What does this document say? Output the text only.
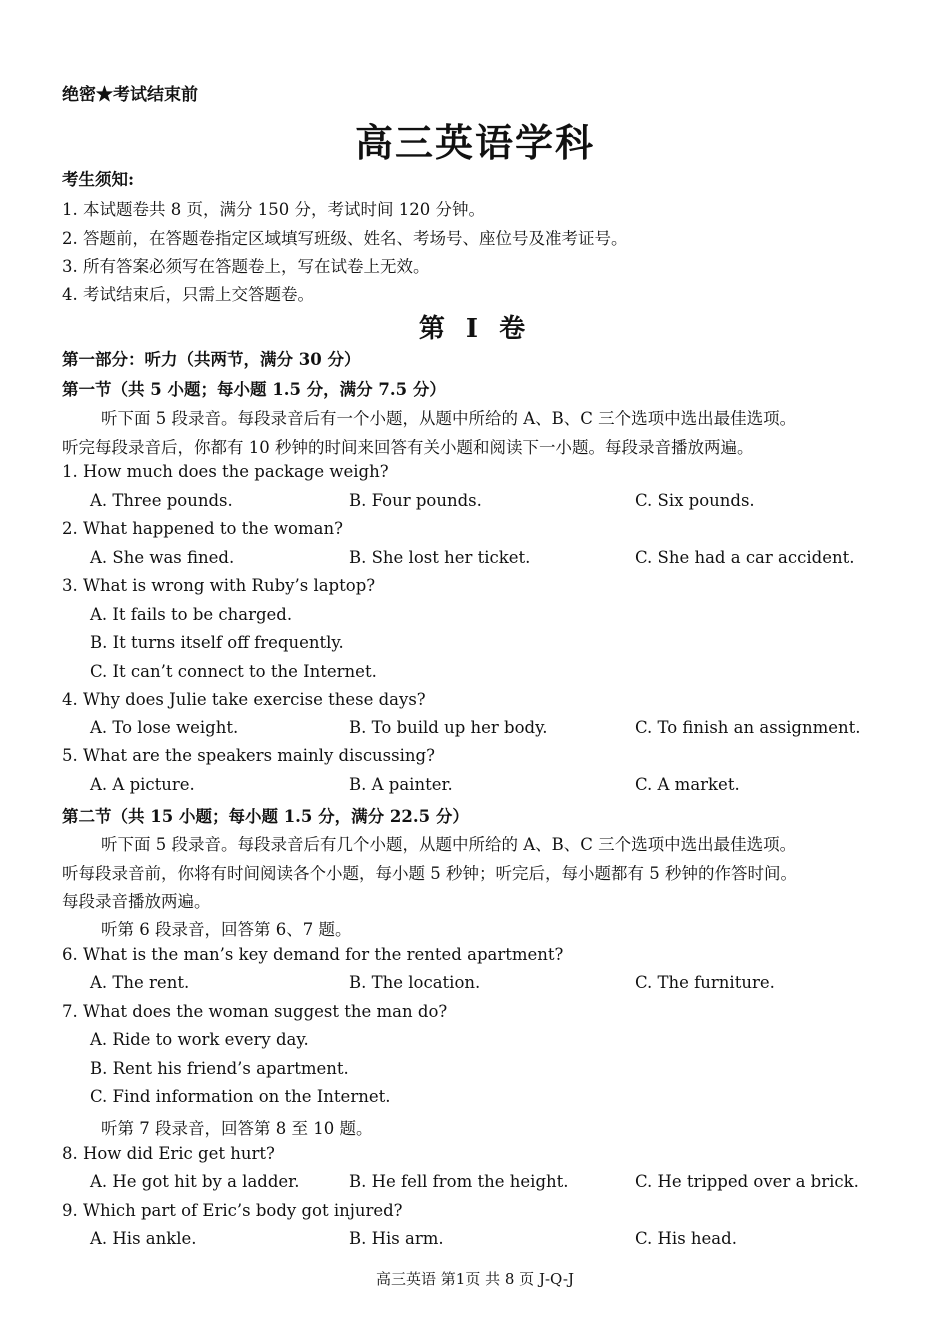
绝密★考试结束前
高三英语学科
考生须知:
1. 本试题卷共 8 页，满分 150 分，考试时间 120 分钟。
2. 答题前，在答题卷指定区域填写班级、姓名、考场号、座位号及准考证号。
3. 所有答案必须写在答题卷上，写在试卷上无效。
4. 考试结束后，只需上交答题卷。
第 I 卷
第一部分：听力（共两节，满分 30 分）
第一节（共 5 小题；每小题 1.5 分，满分 7.5 分）
听下面 5 段录音。每段录音后有一个小题，从题中所给的 A、B、C 三个选项中选出最佳选项。
听完每段录音后，你都有 10 秒钟的时间来回答有关小题和阅读下一小题。每段录音播放两遍。
1. How much does the package weigh?
A. Three pounds.	B. Four pounds.	C. Six pounds.
2. What happened to the woman?
A. She was fined.	B. She lost her ticket.	C. She had a car accident.
3. What is wrong with Ruby’s laptop?
A. It fails to be charged.
B. It turns itself off frequently.
C. It can’t connect to the Internet.
4. Why does Julie take exercise these days?
A. To lose weight.	B. To build up her body.	C. To finish an assignment.
5. What are the speakers mainly discussing?
A. A picture.	B. A painter.	C. A market.
第二节（共 15 小题；每小题 1.5 分，满分 22.5 分）
听下面 5 段录音。每段录音后有几个小题，从题中所给的 A、B、C 三个选项中选出最佳选项。
听每段录音前，你将有时间阅读各个小题，每小题 5 秒钟；听完后，每小题都有 5 秒钟的作答时间。
每段录音播放两遍。
听第 6 段录音，回答第 6、7 题。
6. What is the man’s key demand for the rented apartment?
A. The rent.	B. The location.	C. The furniture.
7. What does the woman suggest the man do?
A. Ride to work every day.
B. Rent his friend’s apartment.
C. Find information on the Internet.
听第 7 段录音，回答第 8 至 10 题。
8. How did Eric get hurt?
A. He got hit by a ladder.	B. He fell from the height.	C. He tripped over a brick.
9. Which part of Eric’s body got injured?
A. His ankle.	B. His arm.	C. His head.
高三英语 第1页 共 8 页 J-Q-J
